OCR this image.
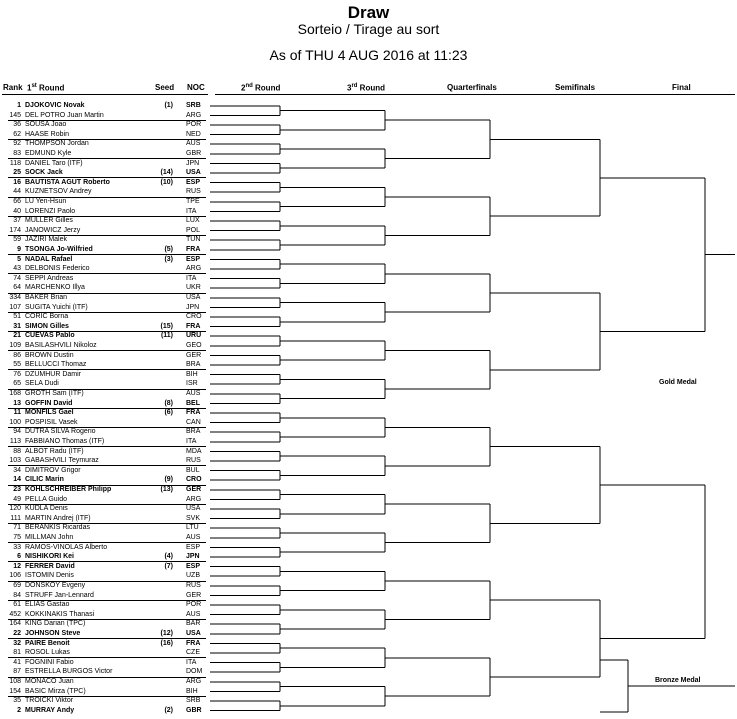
Draw
Sorteio / Tirage au sort
As of THU 4 AUG 2016 at 11:23
Rank 1st Round	Seed NOC	2nd Round	3rd Round	Quarterfinals	Semifinals	Final
1 DJOKOVIC Novak	(1) SRB
145 DEL POTRO Juan Martin	ARG
36 SOUSA Joao	POR
62 HAASE Robin	NED
92 THOMPSON Jordan	AUS
83 EDMUND Kyle	GBR
118 DANIEL Taro (ITF)	JPN
25 SOCK Jack	(14) USA
16 BAUTISTA AGUT Roberto	(10) ESP
44 KUZNETSOV Andrey	RUS
66 LU Yen-Hsun	TPE
40 LORENZI Paolo	ITA
37 MULLER Gilles	LUX
174 JANOWICZ Jerzy	POL
59 JAZIRI Malek	TUN
9 TSONGA Jo-Wilfried	(5) FRA
5 NADAL Rafael	(3) ESP
43 DELBONIS Federico	ARG
74 SEPPI Andreas	ITA
64 MARCHENKO Illya	UKR
334 BAKER Brian	USA
107 SUGITA Yuichi (ITF)	JPN
51 CORIC Borna	CRO
31 SIMON Gilles	(15) FRA
21 CUEVAS Pablo	(11) URU
109 BASILASHVILI Nikoloz	GEO
86 BROWN Dustin	GER
55 BELLUCCI Thomaz	BRA
76 DZUMHUR Damir	BIH
65 SELA Dudi	ISR
168 GROTH Sam (ITF)	AUS
13 GOFFIN David	(8) BEL
11 MONFILS Gael	(6) FRA
100 POSPISIL Vasek	CAN
94 DUTRA SILVA Rogerio	BRA
113 FABBIANO Thomas (ITF)	ITA
88 ALBOT Radu (ITF)	MDA
103 GABASHVILI Teymuraz	RUS
34 DIMITROV Grigor	BUL
14 CILIC Marin	(9) CRO
23 KOHLSCHREIBER Philipp	(13) GER
49 PELLA Guido	ARG
120 KUDLA Denis	USA
111 MARTIN Andrej (ITF)	SVK
71 BERANKIS Ricardas	LTU
75 MILLMAN John	AUS
33 RAMOS-VINOLAS Alberto	ESP
6 NISHIKORI Kei	(4) JPN
12 FERRER David	(7) ESP
106 ISTOMIN Denis	UZB
69 DONSKOY Evgeny	RUS
84 STRUFF Jan-Lennard	GER
61 ELIAS Gastao	POR
452 KOKKINAKIS Thanasi	AUS
164 KING Darian (TPC)	BAR
22 JOHNSON Steve	(12) USA
32 PAIRE Benoit	(16) FRA
81 ROSOL Lukas	CZE
41 FOGNINI Fabio	ITA
87 ESTRELLA BURGOS Victor	DOM
108 MONACO Juan	ARG
154 BASIC Mirza (TPC)	BIH
35 TROICKI Viktor	SRB
2 MURRAY Andy	(2) GBR
Gold Medal
Bronze Medal
